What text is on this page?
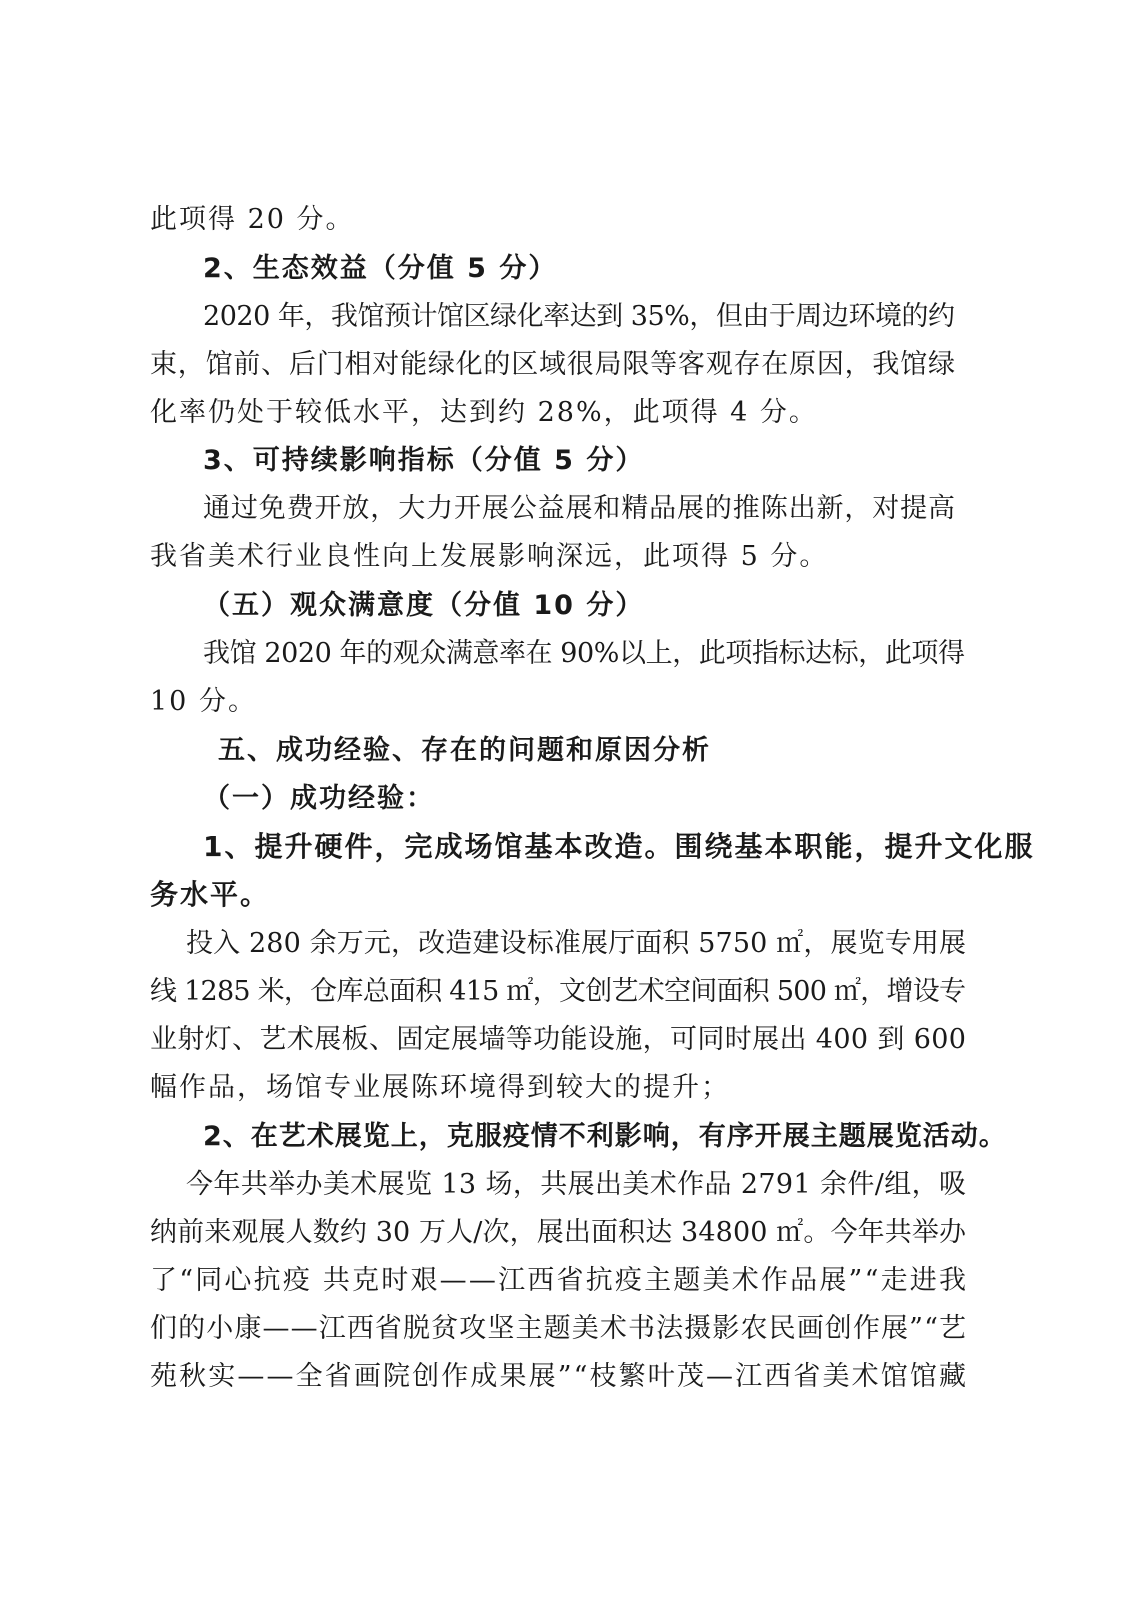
此项得 20 分。
2、生态效益（分值 5 分）
2020 年，我馆预计馆区绿化率达到 35%，但由于周边环境的约
束，馆前、后门相对能绿化的区域很局限等客观存在原因，我馆绿
化率仍处于较低水平，达到约 28%，此项得 4 分。
3、可持续影响指标（分值 5 分）
通过免费开放，大力开展公益展和精品展的推陈出新，对提高
我省美术行业良性向上发展影响深远，此项得 5 分。
（五）观众满意度（分值 10 分）
我馆 2020 年的观众满意率在 90%以上，此项指标达标，此项得
10 分。
五、成功经验、存在的问题和原因分析
（一）成功经验：
1、提升硬件，完成场馆基本改造。围绕基本职能，提升文化服
务水平。
投入 280 余万元，改造建设标准展厅面积 5750 ㎡，展览专用展
线 1285 米，仓库总面积 415 ㎡，文创艺术空间面积 500 ㎡，增设专
业射灯、艺术展板、固定展墙等功能设施，可同时展出 400 到 600
幅作品，场馆专业展陈环境得到较大的提升；
2、在艺术展览上，克服疫情不利影响，有序开展主题展览活动。
今年共举办美术展览 13 场，共展出美术作品 2791 余件/组，吸
纳前来观展人数约 30 万人/次，展出面积达 34800 ㎡。今年共举办
了“同心抗疫 共克时艰——江西省抗疫主题美术作品展”“走进我
们的小康——江西省脱贫攻坚主题美术书法摄影农民画创作展”“艺
苑秋实——全省画院创作成果展”“枝繁叶茂—江西省美术馆馆藏
